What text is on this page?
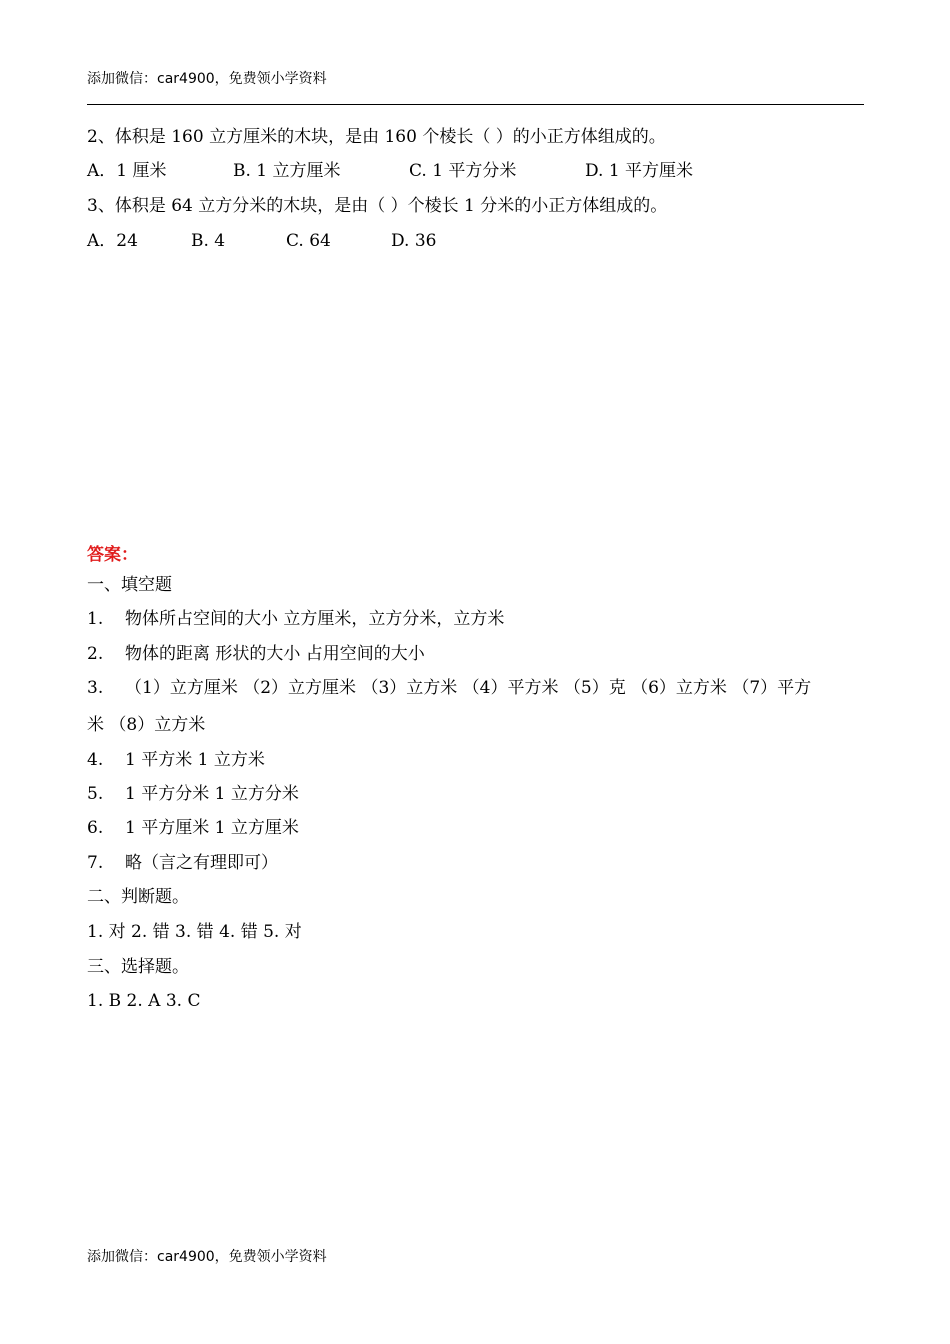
添加微信：car4900，免费领小学资料
2、体积是 160 立方厘米的木块，是由 160 个棱长（ ）的小正方体组成的。
A．1 厘米	B. 1 立方厘米	C. 1 平方分米	D. 1 平方厘米
3、体积是 64 立方分米的木块，是由（ ）个棱长 1 分米的小正方体组成的。
A．24	B. 4	C. 64	D. 36
答案：
一、填空题
1. 物体所占空间的大小 立方厘米，立方分米，立方米
2. 物体的距离 形状的大小 占用空间的大小
3. （1）立方厘米 （2）立方厘米 （3）立方米 （4）平方米 （5）克 （6）立方米 （7）平方
米 （8）立方米
4. 1 平方米 1 立方米
5. 1 平方分米 1 立方分米
6. 1 平方厘米 1 立方厘米
7. 略（言之有理即可）
二、判断题。
1. 对 2. 错 3. 错 4. 错 5. 对
三、选择题。
1. B 2. A 3. C
添加微信：car4900，免费领小学资料
